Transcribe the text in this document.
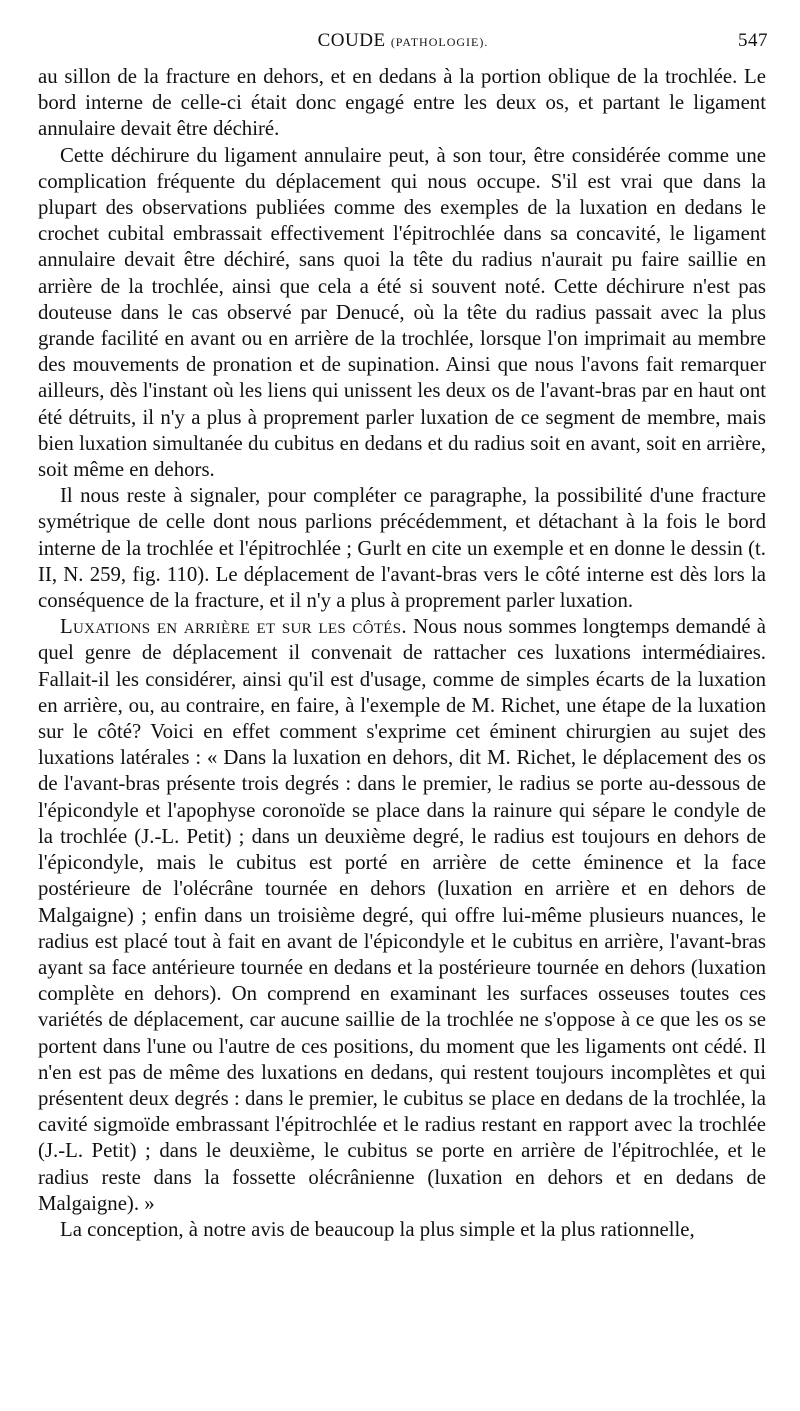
COUDE (PATHOLOGIE).	547

au sillon de la fracture en dehors, et en dedans à la portion oblique de la trochlée. Le bord interne de celle-ci était donc engagé entre les deux os, et partant le ligament annulaire devait être déchiré.

Cette déchirure du ligament annulaire peut, à son tour, être considérée comme une complication fréquente du déplacement qui nous occupe. S'il est vrai que dans la plupart des observations publiées comme des exemples de la luxation en dedans le crochet cubital embrassait effectivement l'épitrochlée dans sa concavité, le ligament annulaire devait être déchiré, sans quoi la tête du radius n'aurait pu faire saillie en arrière de la trochlée, ainsi que cela a été si souvent noté. Cette déchirure n'est pas douteuse dans le cas observé par Denucé, où la tête du radius passait avec la plus grande facilité en avant ou en arrière de la trochlée, lorsque l'on imprimait au membre des mouvements de pronation et de supination. Ainsi que nous l'avons fait remarquer ailleurs, dès l'instant où les liens qui unissent les deux os de l'avant-bras par en haut ont été détruits, il n'y a plus à proprement parler luxation de ce segment de membre, mais bien luxation simultanée du cubitus en dedans et du radius soit en avant, soit en arrière, soit même en dehors.

Il nous reste à signaler, pour compléter ce paragraphe, la possibilité d'une fracture symétrique de celle dont nous parlions précédemment, et détachant à la fois le bord interne de la trochlée et l'épitrochlée ; Gurlt en cite un exemple et en donne le dessin (t. II, N. 259, fig. 110). Le déplacement de l'avant-bras vers le côté interne est dès lors la conséquence de la fracture, et il n'y a plus à proprement parler luxation.

Luxations en arrière et sur les côtés. Nous nous sommes longtemps demandé à quel genre de déplacement il convenait de rattacher ces luxations intermédiaires. Fallait-il les considérer, ainsi qu'il est d'usage, comme de simples écarts de la luxation en arrière, ou, au contraire, en faire, à l'exemple de M. Richet, une étape de la luxation sur le côté? Voici en effet comment s'exprime cet éminent chirurgien au sujet des luxations latérales : « Dans la luxation en dehors, dit M. Richet, le déplacement des os de l'avant-bras présente trois degrés : dans le premier, le radius se porte au-dessous de l'épicondyle et l'apophyse coronoïde se place dans la rainure qui sépare le condyle de la trochlée (J.-L. Petit) ; dans un deuxième degré, le radius est toujours en dehors de l'épicondyle, mais le cubitus est porté en arrière de cette éminence et la face postérieure de l'olécrâne tournée en dehors (luxation en arrière et en dehors de Malgaigne) ; enfin dans un troisième degré, qui offre lui-même plusieurs nuances, le radius est placé tout à fait en avant de l'épicondyle et le cubitus en arrière, l'avant-bras ayant sa face antérieure tournée en dedans et la postérieure tournée en dehors (luxation complète en dehors). On comprend en examinant les surfaces osseuses toutes ces variétés de déplacement, car aucune saillie de la trochlée ne s'oppose à ce que les os se portent dans l'une ou l'autre de ces positions, du moment que les ligaments ont cédé. Il n'en est pas de même des luxations en dedans, qui restent toujours incomplètes et qui présentent deux degrés : dans le premier, le cubitus se place en dedans de la trochlée, la cavité sigmoïde embrassant l'épitrochlée et le radius restant en rapport avec la trochlée (J.-L. Petit) ; dans le deuxième, le cubitus se porte en arrière de l'épitrochlée, et le radius reste dans la fossette olécrânienne (luxation en dehors et en dedans de Malgaigne). »

La conception, à notre avis de beaucoup la plus simple et la plus rationnelle,
